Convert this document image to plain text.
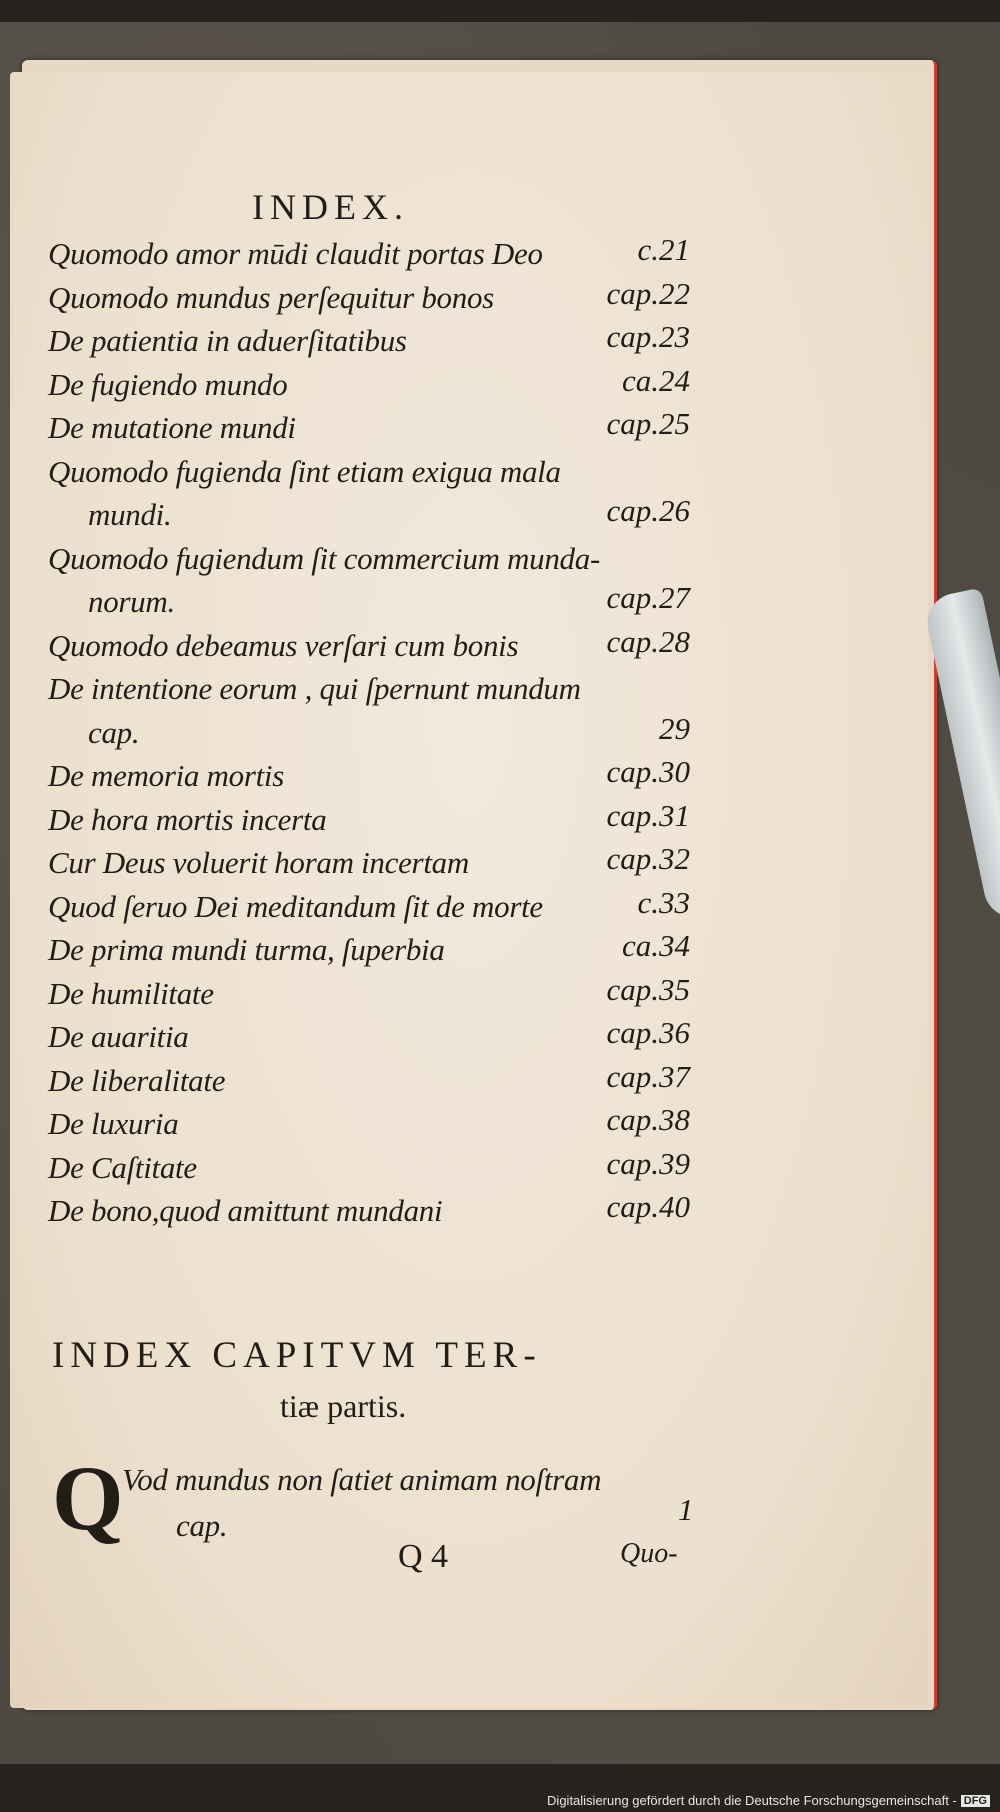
INDEX.
Quomodo amor mūdi claudit portas Deo	c.21
Quomodo mundus perſequitur bonos	cap.22
De patientia in aduerſitatibus	cap.23
De fugiendo mundo	ca.24
De mutatione mundi	cap.25
Quomodo fugienda ſint etiam exigua mala
mundi.	cap.26
Quomodo fugiendum ſit commercium munda-
norum.	cap.27
Quomodo debeamus verſari cum bonis	cap.28
De intentione eorum , qui ſpernunt mundum
cap.	29
De memoria mortis	cap.30
De hora mortis incerta	cap.31
Cur Deus voluerit horam incertam	cap.32
Quod ſeruo Dei meditandum ſit de morte	c.33
De prima mundi turma, ſuperbia	ca.34
De humilitate	cap.35
De auaritia	cap.36
De liberalitate	cap.37
De luxuria	cap.38
De Caſtitate	cap.39
De bono,quod amittunt mundani	cap.40
INDEX CAPITVM TER-
tiæ partis.
Q
Vod mundus non ſatiet animam noſtram
cap.	1
Q 4	Quo-
Digitalisierung gefördert durch die Deutsche Forschungsgemeinschaft - DFG
